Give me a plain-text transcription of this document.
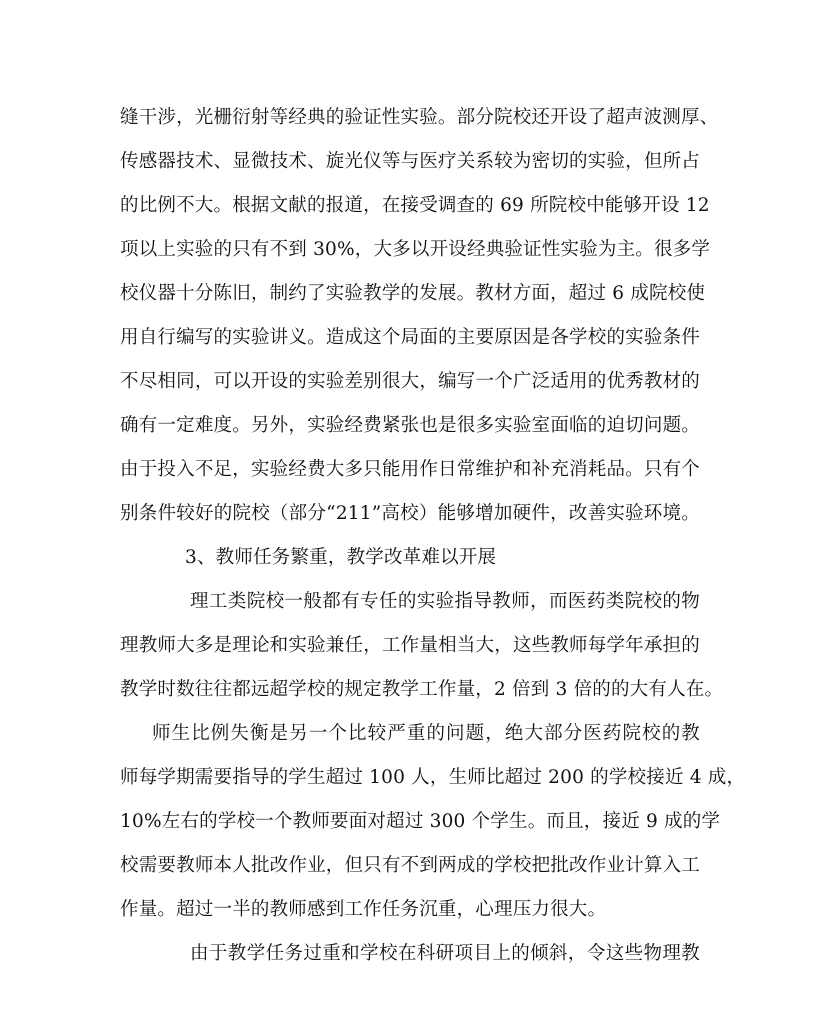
缝干涉，光栅衍射等经典的验证性实验。部分院校还开设了超声波测厚、
传感器技术、显微技术、旋光仪等与医疗关系较为密切的实验，但所占
的比例不大。根据文献的报道，在接受调查的 69 所院校中能够开设 12
项以上实验的只有不到 30%，大多以开设经典验证性实验为主。很多学
校仪器十分陈旧，制约了实验教学的发展。教材方面，超过 6 成院校使
用自行编写的实验讲义。造成这个局面的主要原因是各学校的实验条件
不尽相同，可以开设的实验差别很大，编写一个广泛适用的优秀教材的
确有一定难度。另外，实验经费紧张也是很多实验室面临的迫切问题。
由于投入不足，实验经费大多只能用作日常维护和补充消耗品。只有个
别条件较好的院校（部分“211”高校）能够增加硬件，改善实验环境。
3、教师任务繁重，教学改革难以开展
理工类院校一般都有专任的实验指导教师，而医药类院校的物
理教师大多是理论和实验兼任，工作量相当大，这些教师每学年承担的
教学时数往往都远超学校的规定教学工作量，2 倍到 3 倍的的大有人在。
师生比例失衡是另一个比较严重的问题，绝大部分医药院校的教
师每学期需要指导的学生超过 100 人，生师比超过 200 的学校接近 4 成，
10%左右的学校一个教师要面对超过 300 个学生。而且，接近 9 成的学
校需要教师本人批改作业，但只有不到两成的学校把批改作业计算入工
作量。超过一半的教师感到工作任务沉重，心理压力很大。
由于教学任务过重和学校在科研项目上的倾斜，令这些物理教
